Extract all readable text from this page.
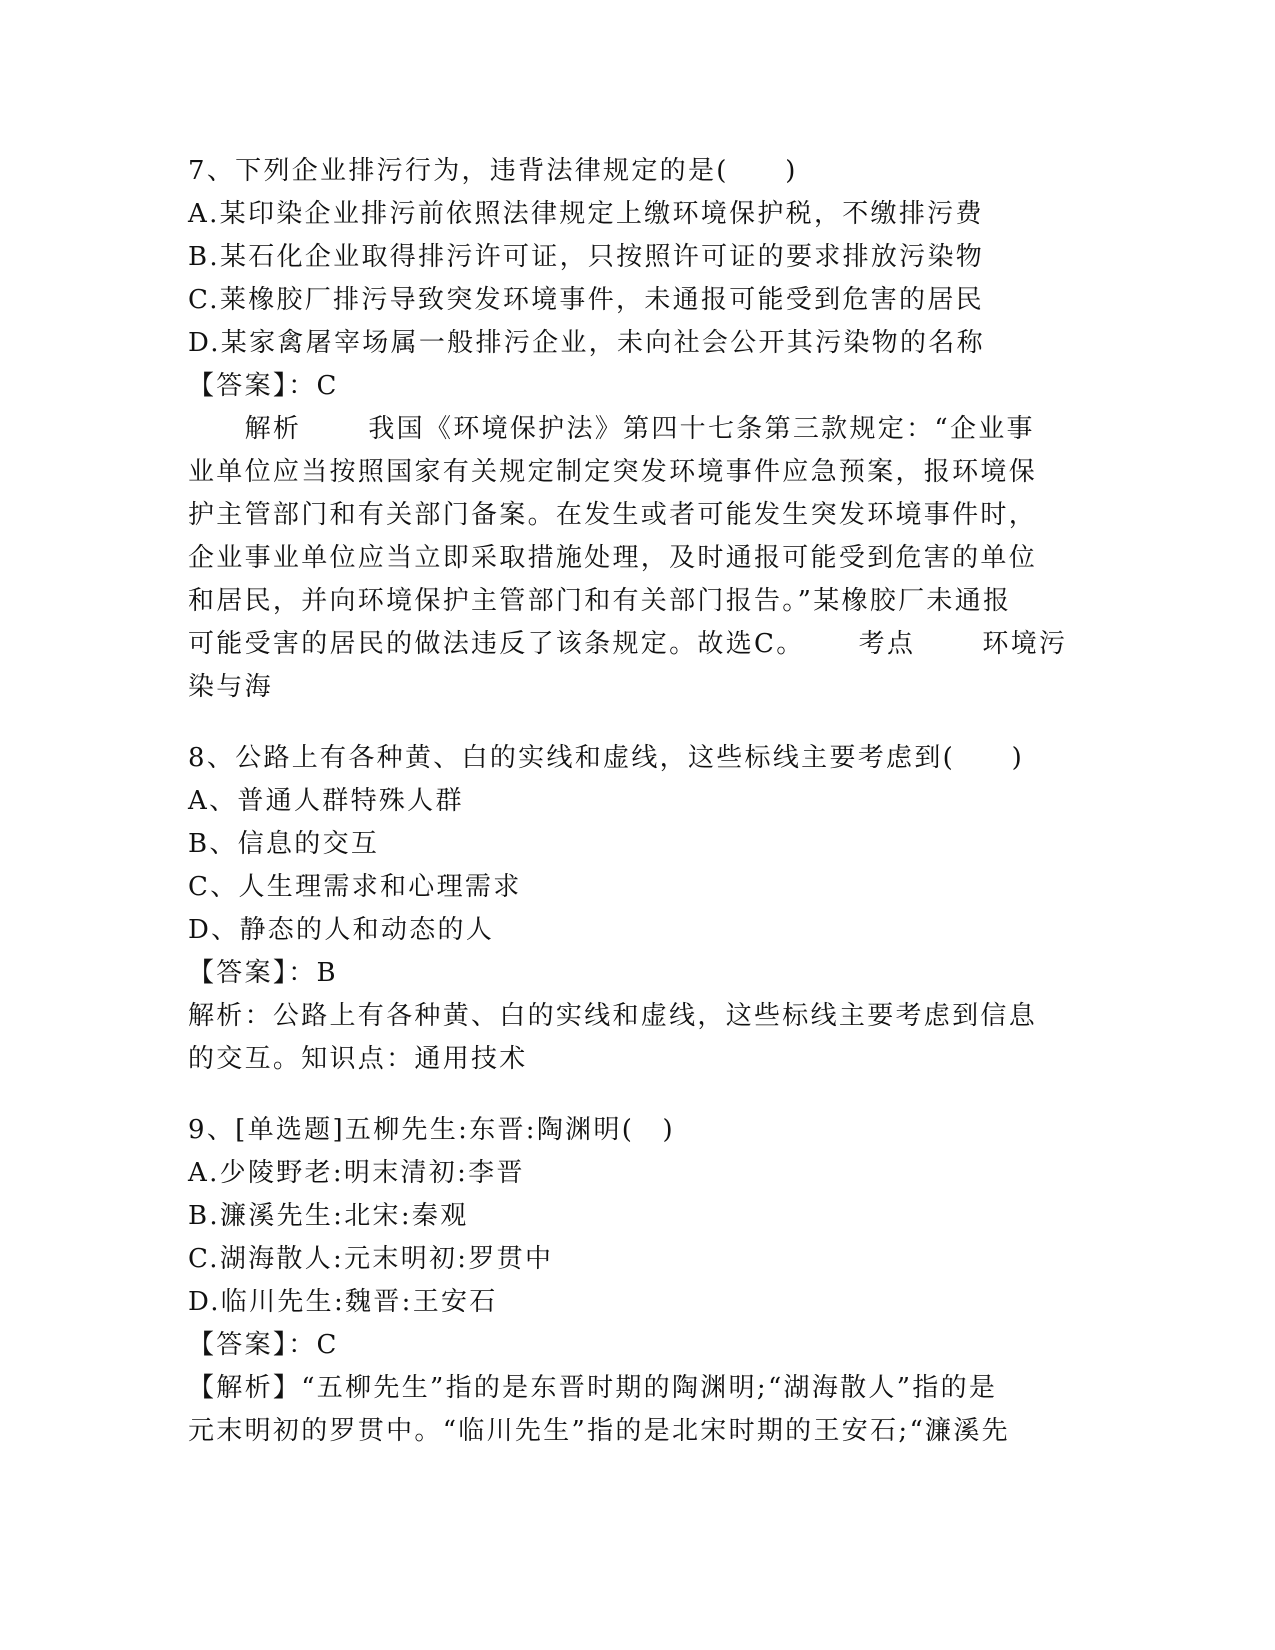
7、下列企业排污行为，违背法律规定的是(　　)
A.某印染企业排污前依照法律规定上缴环境保护税，不缴排污费
B.某石化企业取得排污许可证，只按照许可证的要求排放污染物
C.莱橡胶厂排污导致突发环境事件，未通报可能受到危害的居民
D.某家禽屠宰场属一般排污企业，未向社会公开其污染物的名称
【答案】：C
　　解析　　 我国《环境保护法》第四十七条第三款规定：“企业事
业单位应当按照国家有关规定制定突发环境事件应急预案，报环境保
护主管部门和有关部门备案。在发生或者可能发生突发环境事件时，
企业事业单位应当立即采取措施处理，及时通报可能受到危害的单位
和居民，并向环境保护主管部门和有关部门报告。”某橡胶厂未通报
可能受害的居民的做法违反了该条规定。故选C。　　 考点　　 环境污
染与海
8、公路上有各种黄、白的实线和虚线，这些标线主要考虑到(　　)
A、普通人群特殊人群
B、信息的交互
C、人生理需求和心理需求
D、静态的人和动态的人
【答案】：B
解析：公路上有各种黄、白的实线和虚线，这些标线主要考虑到信息
的交互。知识点：通用技术
9、[单选题]五柳先生:东晋:陶渊明(　)
A.少陵野老:明末清初:李晋
B.濂溪先生:北宋:秦观
C.湖海散人:元末明初:罗贯中
D.临川先生:魏晋:王安石
【答案】：C
【解析】“五柳先生”指的是东晋时期的陶渊明;“湖海散人”指的是
元末明初的罗贯中。“临川先生”指的是北宋时期的王安石;“濂溪先
